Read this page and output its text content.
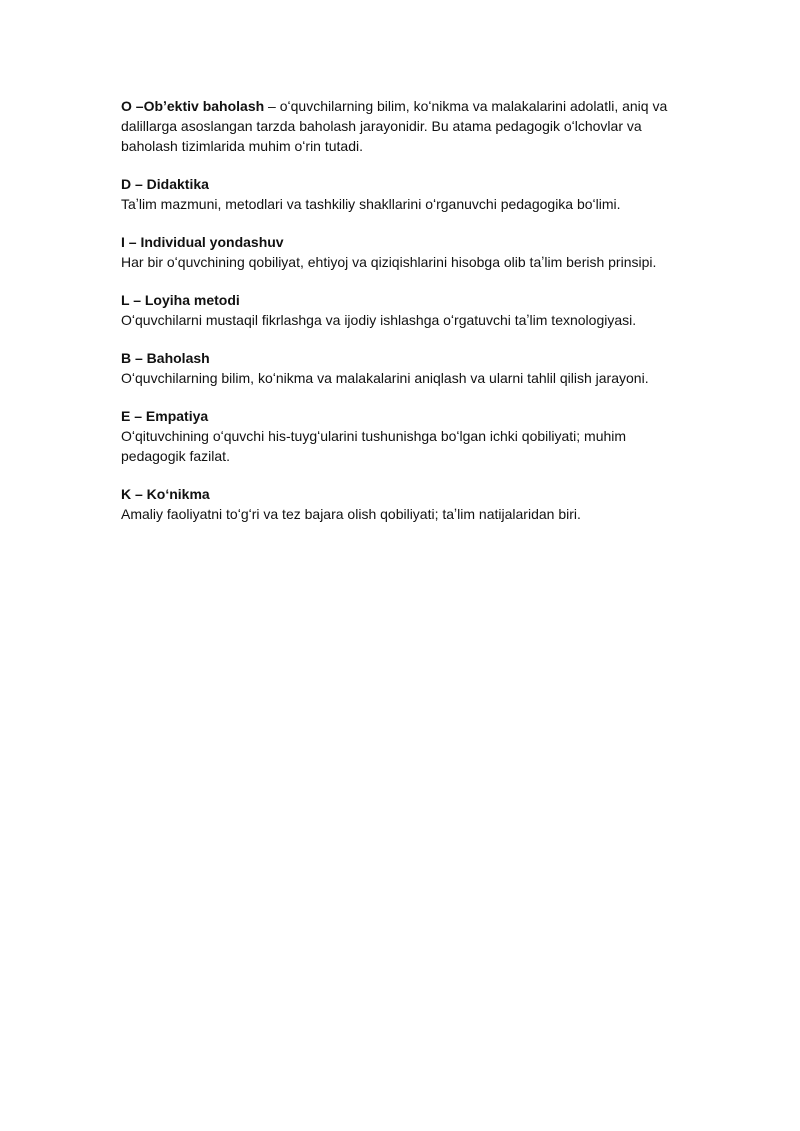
O –Obʼektiv baholash – oʻquvchilarning bilim, koʻnikma va malakalarini adolatli, aniq va dalillarga asoslangan tarzda baholash jarayonidir. Bu atama pedagogik oʻlchovlar va baholash tizimlarida muhim oʻrin tutadi.

D – Didaktika

Taʼlim mazmuni, metodlari va tashkiliy shakllarini oʻrganuvchi pedagogika boʻlimi.

I – Individual yondashuv

Har bir oʻquvchining qobiliyat, ehtiyoj va qiziqishlarini hisobga olib taʼlim berish prinsipi.

L – Loyiha metodi

Oʻquvchilarni mustaqil fikrlashga va ijodiy ishlashga oʻrgatuvchi taʼlim texnologiyasi.

B – Baholash

Oʻquvchilarning bilim, koʻnikma va malakalarini aniqlash va ularni tahlil qilish jarayoni.

E – Empatiya

Oʻqituvchining oʻquvchi his-tuygʻularini tushunishga boʻlgan ichki qobiliyati; muhim pedagogik fazilat.

K – Koʻnikma

Amaliy faoliyatni toʻgʻri va tez bajara olish qobiliyati; taʼlim natijalaridan biri.
